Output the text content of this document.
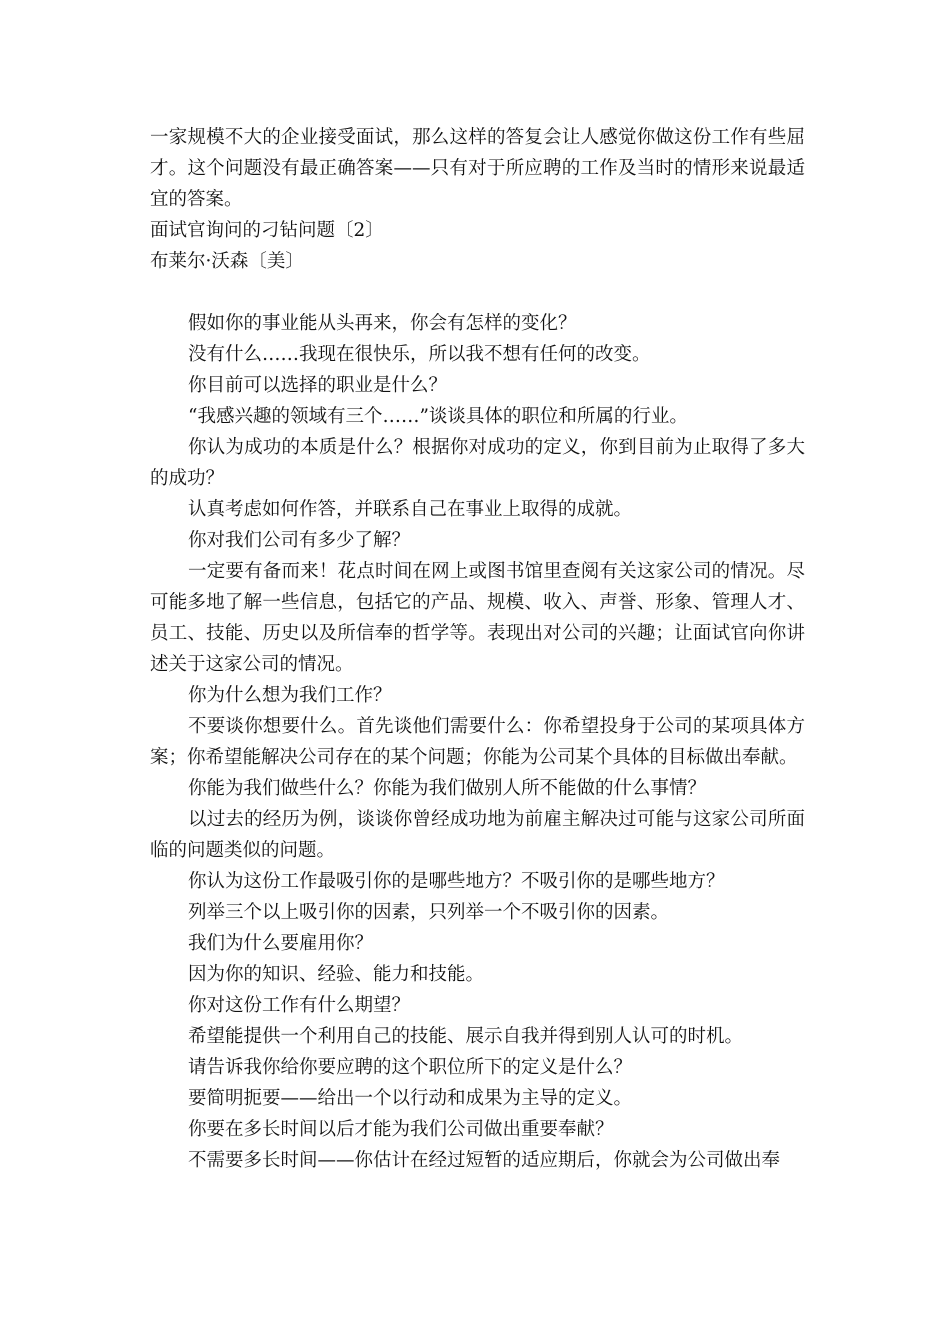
一家规模不大的企业接受面试，那么这样的答复会让人感觉你做这份工作有些屈才。这个问题没有最正确答案——只有对于所应聘的工作及当时的情形来说最适宜的答案。

面试官询问的刁钻问题〔2〕

布莱尔·沃森〔美〕

假如你的事业能从头再来，你会有怎样的变化？

没有什么……我现在很快乐，所以我不想有任何的改变。

你目前可以选择的职业是什么？

“我感兴趣的领域有三个……”谈谈具体的职位和所属的行业。

你认为成功的本质是什么？根据你对成功的定义，你到目前为止取得了多大的成功？

认真考虑如何作答，并联系自己在事业上取得的成就。

你对我们公司有多少了解？

一定要有备而来！花点时间在网上或图书馆里查阅有关这家公司的情况。尽可能多地了解一些信息，包括它的产品、规模、收入、声誉、形象、管理人才、员工、技能、历史以及所信奉的哲学等。表现出对公司的兴趣；让面试官向你讲述关于这家公司的情况。

你为什么想为我们工作？

不要谈你想要什么。首先谈他们需要什么：你希望投身于公司的某项具体方案；你希望能解决公司存在的某个问题；你能为公司某个具体的目标做出奉献。

你能为我们做些什么？你能为我们做别人所不能做的什么事情？

以过去的经历为例，谈谈你曾经成功地为前雇主解决过可能与这家公司所面临的问题类似的问题。

你认为这份工作最吸引你的是哪些地方？不吸引你的是哪些地方？

列举三个以上吸引你的因素，只列举一个不吸引你的因素。

我们为什么要雇用你？

因为你的知识、经验、能力和技能。

你对这份工作有什么期望？

希望能提供一个利用自己的技能、展示自我并得到别人认可的时机。

请告诉我你给你要应聘的这个职位所下的定义是什么？

要简明扼要——给出一个以行动和成果为主导的定义。

你要在多长时间以后才能为我们公司做出重要奉献？

不需要多长时间——你估计在经过短暂的适应期后，你就会为公司做出奉
